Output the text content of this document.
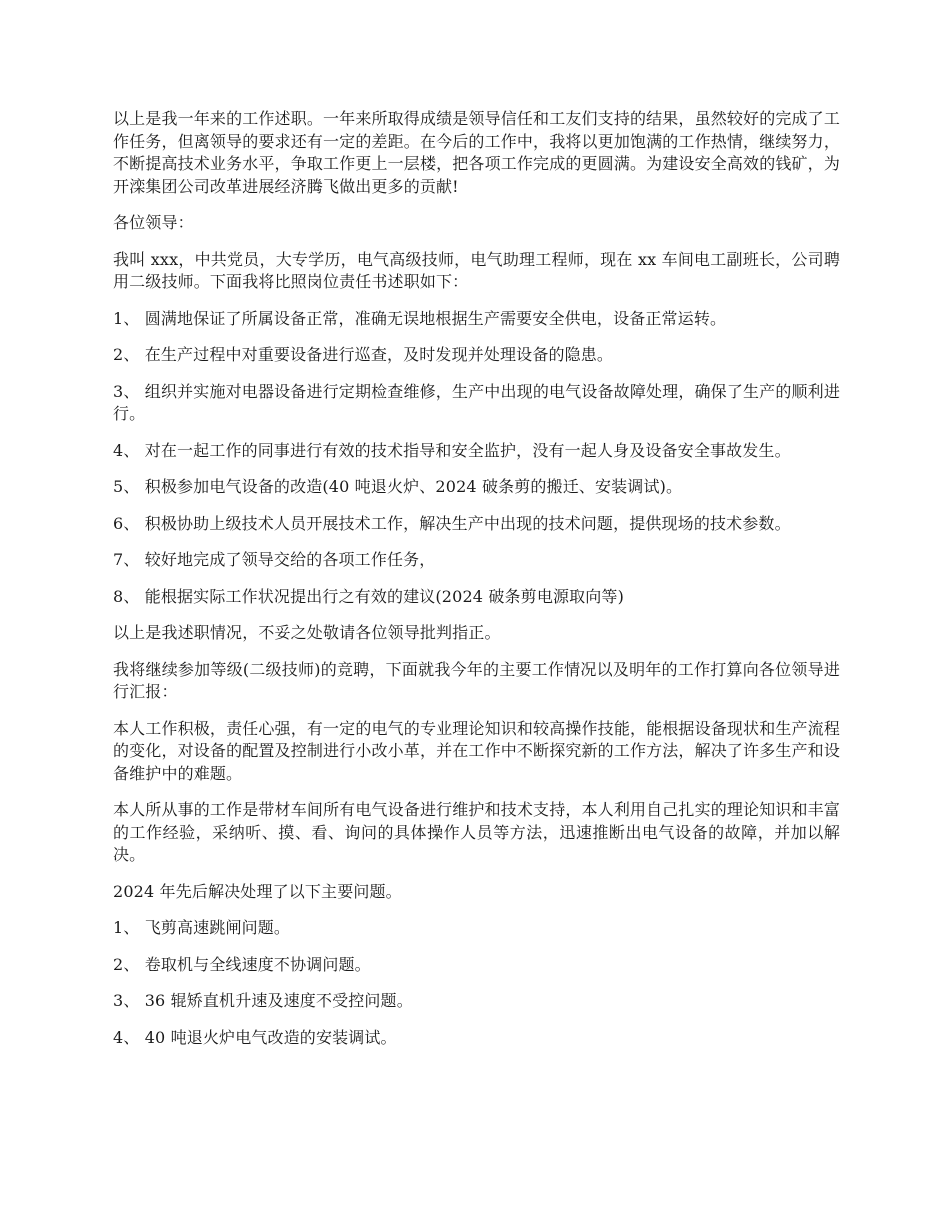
以上是我一年来的工作述职。一年来所取得成绩是领导信任和工友们支持的结果，虽然较好的完成了工作任务，但离领导的要求还有一定的差距。在今后的工作中，我将以更加饱满的工作热情，继续努力，不断提高技术业务水平，争取工作更上一层楼，把各项工作完成的更圆满。为建设安全高效的钱矿，为开滦集团公司改革进展经济腾飞做出更多的贡献!

各位领导：

我叫 xxx，中共党员，大专学历，电气高级技师，电气助理工程师，现在 xx 车间电工副班长，公司聘用二级技师。下面我将比照岗位责任书述职如下：

1、 圆满地保证了所属设备正常，准确无误地根据生产需要安全供电，设备正常运转。

2、 在生产过程中对重要设备进行巡查，及时发现并处理设备的隐患。

3、 组织并实施对电器设备进行定期检查维修，生产中出现的电气设备故障处理，确保了生产的顺利进行。

4、 对在一起工作的同事进行有效的技术指导和安全监护，没有一起人身及设备安全事故发生。

5、 积极参加电气设备的改造(40 吨退火炉、2024 破条剪的搬迁、安装调试)。

6、 积极协助上级技术人员开展技术工作，解决生产中出现的技术问题，提供现场的技术参数。

7、 较好地完成了领导交给的各项工作任务，

8、 能根据实际工作状况提出行之有效的建议(2024 破条剪电源取向等)

以上是我述职情况，不妥之处敬请各位领导批判指正。

我将继续参加等级(二级技师)的竞聘，下面就我今年的主要工作情况以及明年的工作打算向各位领导进行汇报：

本人工作积极，责任心强，有一定的电气的专业理论知识和较高操作技能，能根据设备现状和生产流程的变化，对设备的配置及控制进行小改小革，并在工作中不断探究新的工作方法，解决了许多生产和设备维护中的难题。

本人所从事的工作是带材车间所有电气设备进行维护和技术支持，本人利用自己扎实的理论知识和丰富的工作经验，采纳听、摸、看、询问的具体操作人员等方法，迅速推断出电气设备的故障，并加以解决。

2024 年先后解决处理了以下主要问题。

1、 飞剪高速跳闸问题。

2、 卷取机与全线速度不协调问题。

3、 36 辊矫直机升速及速度不受控问题。

4、 40 吨退火炉电气改造的安装调试。
